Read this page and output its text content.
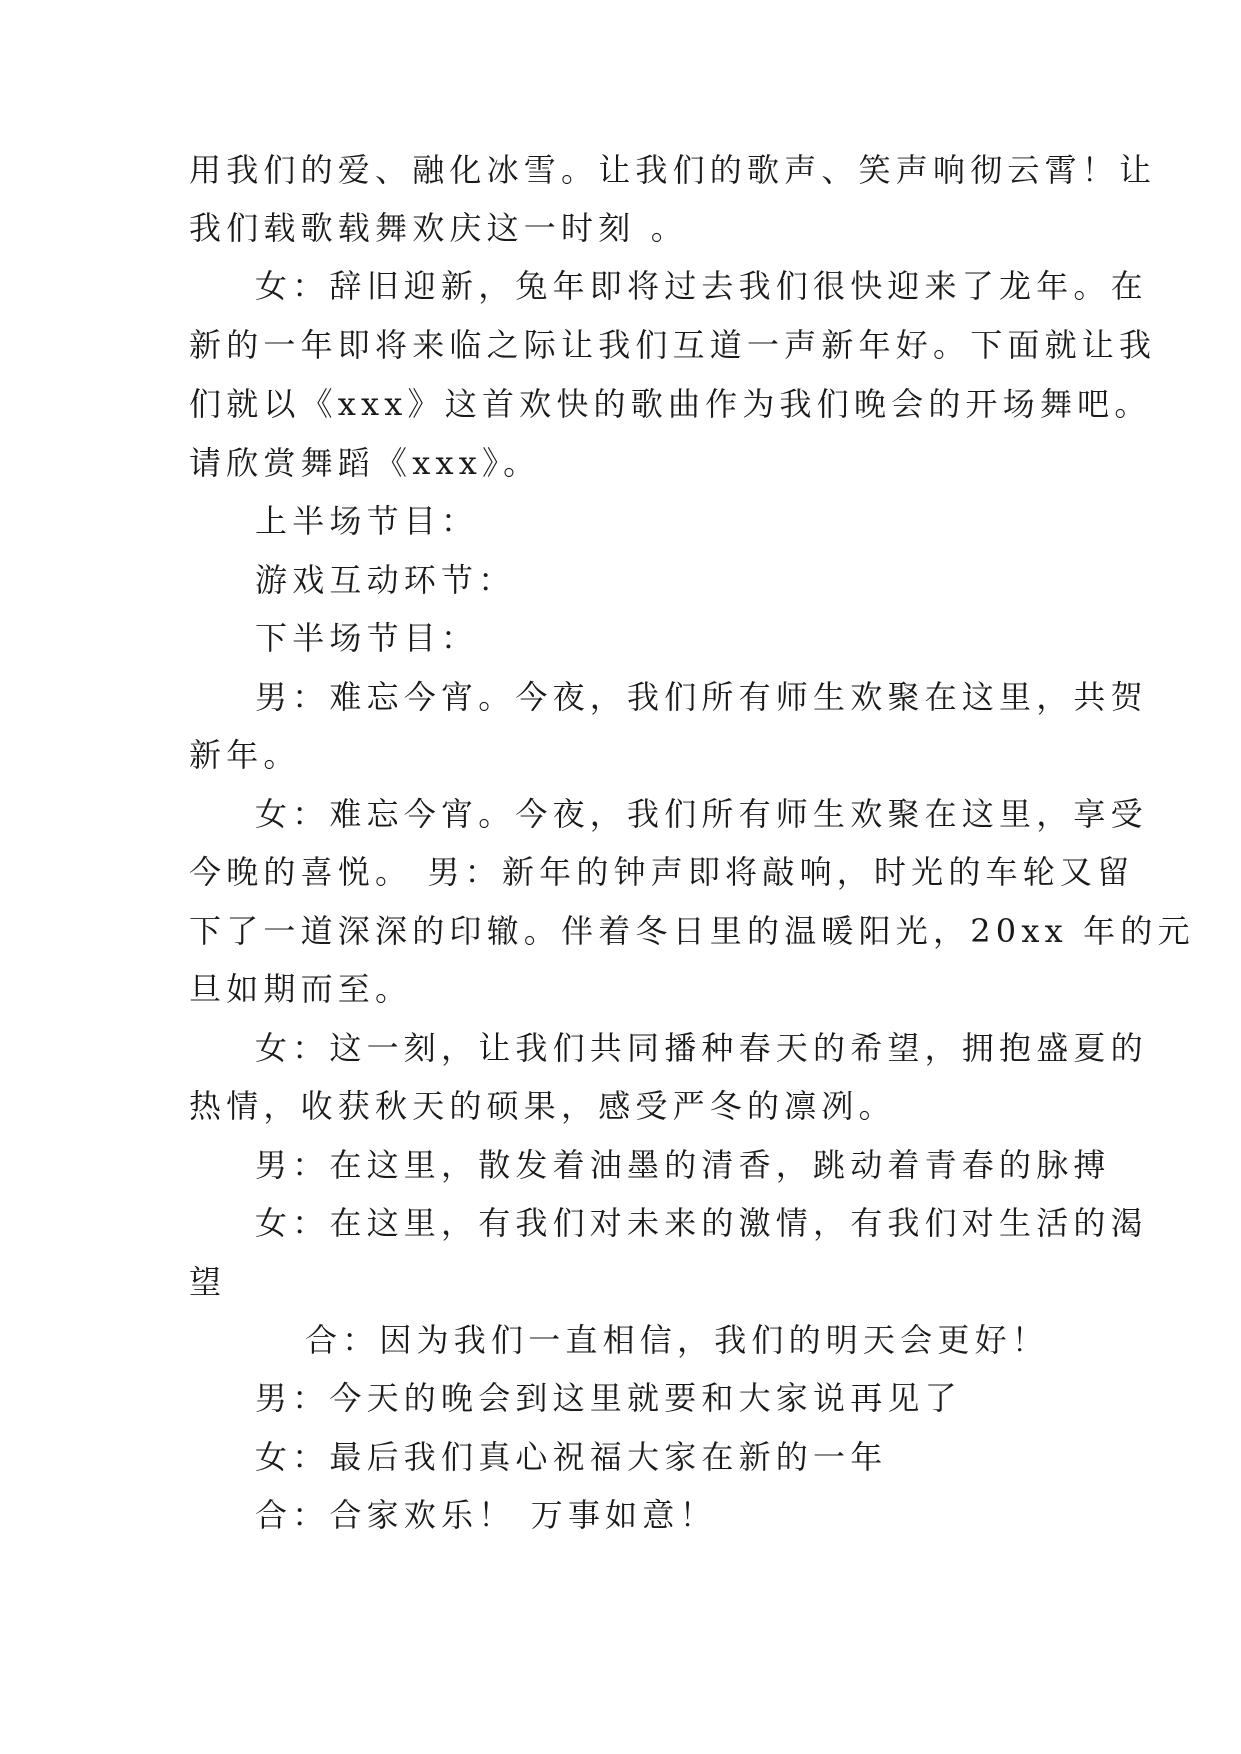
用我们的爱、融化冰雪。让我们的歌声、笑声响彻云霄！让
我们载歌载舞欢庆这一时刻 。
女：辞旧迎新，兔年即将过去我们很快迎来了龙年。在
新的一年即将来临之际让我们互道一声新年好。下面就让我
们就以《xxx》这首欢快的歌曲作为我们晚会的开场舞吧。
请欣赏舞蹈《xxx》。
上半场节目：
游戏互动环节：
下半场节目：
男：难忘今宵。今夜，我们所有师生欢聚在这里，共贺
新年。
女：难忘今宵。今夜，我们所有师生欢聚在这里，享受
今晚的喜悦。 男：新年的钟声即将敲响，时光的车轮又留
下了一道深深的印辙。伴着冬日里的温暖阳光，20xx 年的元
旦如期而至。
女：这一刻，让我们共同播种春天的希望，拥抱盛夏的
热情，收获秋天的硕果，感受严冬的凛冽。
男：在这里，散发着油墨的清香，跳动着青春的脉搏
女：在这里，有我们对未来的激情，有我们对生活的渴
望
合：因为我们一直相信，我们的明天会更好！
男：今天的晚会到这里就要和大家说再见了
女：最后我们真心祝福大家在新的一年
合：合家欢乐！ 万事如意！
